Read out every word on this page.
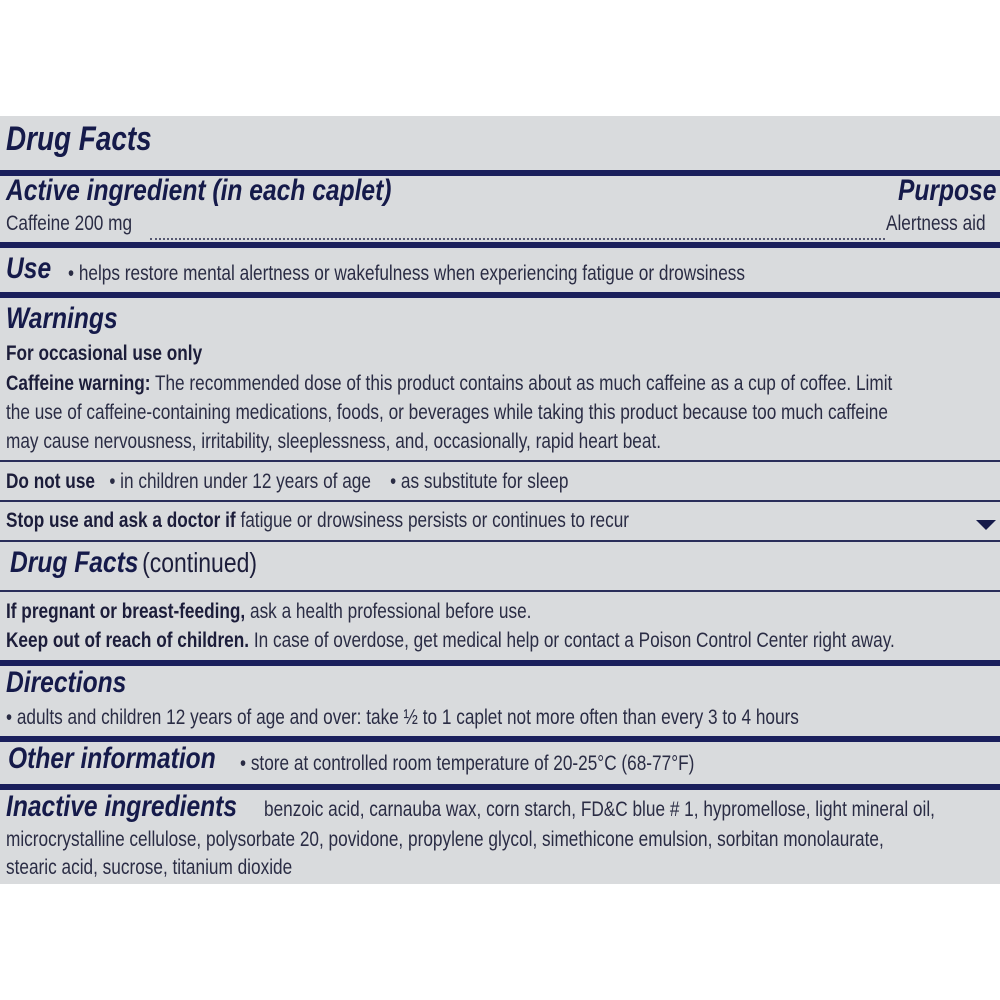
Drug Facts
Active ingredient (in each caplet)	Purpose
Caffeine 200 mg	Alertness aid
Use • helps restore mental alertness or wakefulness when experiencing fatigue or drowsiness
Warnings
For occasional use only
Caffeine warning: The recommended dose of this product contains about as much caffeine as a cup of coffee. Limit
the use of caffeine-containing medications, foods, or beverages while taking this product because too much caffeine
may cause nervousness, irritability, sleeplessness, and, occasionally, rapid heart beat.
Do not use • in children under 12 years of age • as substitute for sleep
Stop use and ask a doctor if fatigue or drowsiness persists or continues to recur
Drug Facts (continued)
If pregnant or breast-feeding, ask a health professional before use.
Keep out of reach of children. In case of overdose, get medical help or contact a Poison Control Center right away.
Directions
• adults and children 12 years of age and over: take ½ to 1 caplet not more often than every 3 to 4 hours
Other information	• store at controlled room temperature of 20-25°C (68-77°F)
Inactive ingredients	benzoic acid, carnauba wax, corn starch, FD&C blue # 1, hypromellose, light mineral oil,
microcrystalline cellulose, polysorbate 20, povidone, propylene glycol, simethicone emulsion, sorbitan monolaurate,
stearic acid, sucrose, titanium dioxide
